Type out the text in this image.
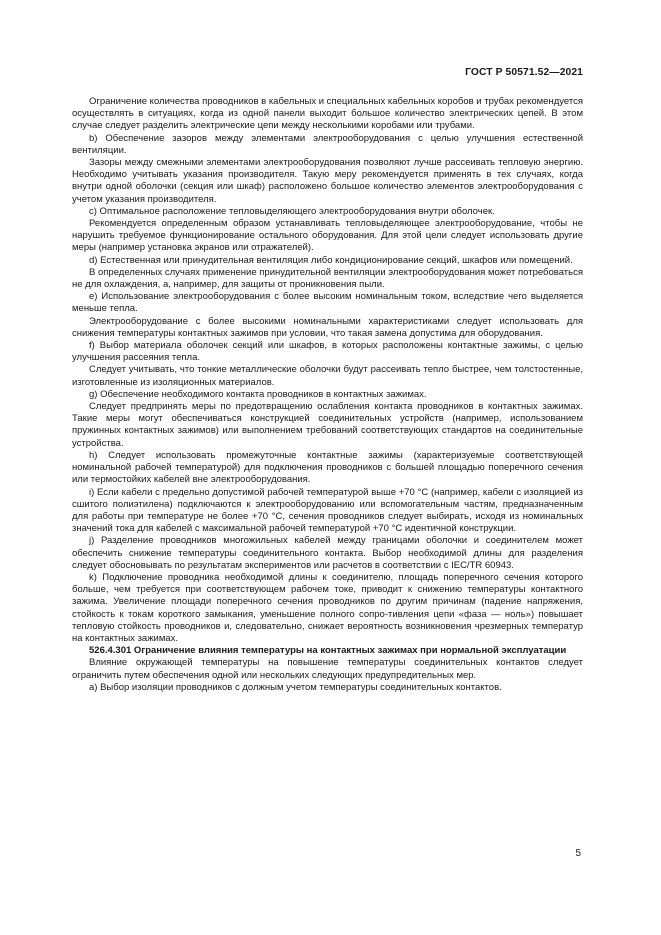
ГОСТ Р 50571.52—2021

Ограничение количества проводников в кабельных и специальных кабельных коробов и трубах рекомендуется осуществлять в ситуациях, когда из одной панели выходит большое количество электрических цепей. В этом случае следует разделить электрические цепи между несколькими коробами или трубами.

b) Обеспечение зазоров между элементами электрооборудования с целью улучшения естественной вентиляции.

Зазоры между смежными элементами электрооборудования позволяют лучше рассеивать тепловую энергию. Необходимо учитывать указания производителя. Такую меру рекомендуется применять в тех случаях, когда внутри одной оболочки (секция или шкаф) расположено большое количество элементов электрооборудования с учетом указания производителя.

c) Оптимальное расположение тепловыделяющего электрооборудования внутри оболочек.

Рекомендуется определенным образом устанавливать тепловыделяющее электрооборудование, чтобы не нарушить требуемое функционирование остального оборудования. Для этой цели следует использовать другие меры (например установка экранов или отражателей).

d) Естественная или принудительная вентиляция либо кондиционирование секций, шкафов или помещений.

В определенных случаях применение принудительной вентиляции электрооборудования может потребоваться не для охлаждения, а, например, для защиты от проникновения пыли.

e) Использование электрооборудования с более высоким номинальным током, вследствие чего выделяется меньше тепла.

Электрооборудование с более высокими номинальными характеристиками следует использовать для снижения температуры контактных зажимов при условии, что такая замена допустима для оборудования.

f) Выбор материала оболочек секций или шкафов, в которых расположены контактные зажимы, с целью улучшения рассеяния тепла.

Следует учитывать, что тонкие металлические оболочки будут рассеивать тепло быстрее, чем толстостенные, изготовленные из изоляционных материалов.

g) Обеспечение необходимого контакта проводников в контактных зажимах.

Следует предпринять меры по предотвращению ослабления контакта проводников в контактных зажимах. Такие меры могут обеспечиваться конструкцией соединительных устройств (например, использованием пружинных контактных зажимов) или выполнением требований соответствующих стандартов на соединительные устройства.

h) Следует использовать промежуточные контактные зажимы (характеризуемые соответствующей номинальной рабочей температурой) для подключения проводников с большей площадью поперечного сечения или термостойких кабелей вне электрооборудования.

i) Если кабели с предельно допустимой рабочей температурой выше +70 °С (например, кабели с изоляцией из сшитого полиэтилена) подключаются к электрооборудованию или вспомогательным частям, предназначенным для работы при температуре не более +70 °С, сечения проводников следует выбирать, исходя из номинальных значений тока для кабелей с максимальной рабочей температурой +70 °С идентичной конструкции.

j) Разделение проводников многожильных кабелей между границами оболочки и соединителем может обеспечить снижение температуры соединительного контакта. Выбор необходимой длины для разделения следует обосновывать по результатам экспериментов или расчетов в соответствии с IEC/TR 60943.

k) Подключение проводника необходимой длины к соединителю, площадь поперечного сечения которого больше, чем требуется при соответствующем рабочем токе, приводит к снижению температуры контактного зажима. Увеличение площади поперечного сечения проводников по другим причинам (падение напряжения, стойкость к токам короткого замыкания, уменьшение полного сопро-тивления цепи «фаза — ноль») повышает тепловую стойкость проводников и, следовательно, снижает вероятность возникновения чрезмерных температур на контактных зажимах.

526.4.301 Ограничение влияния температуры на контактных зажимах при нормальной эксплуатации

Влияние окружающей температуры на повышение температуры соединительных контактов следует ограничить путем обеспечения одной или нескольких следующих предупредительных мер.

a) Выбор изоляции проводников с должным учетом температуры соединительных контактов.

5
